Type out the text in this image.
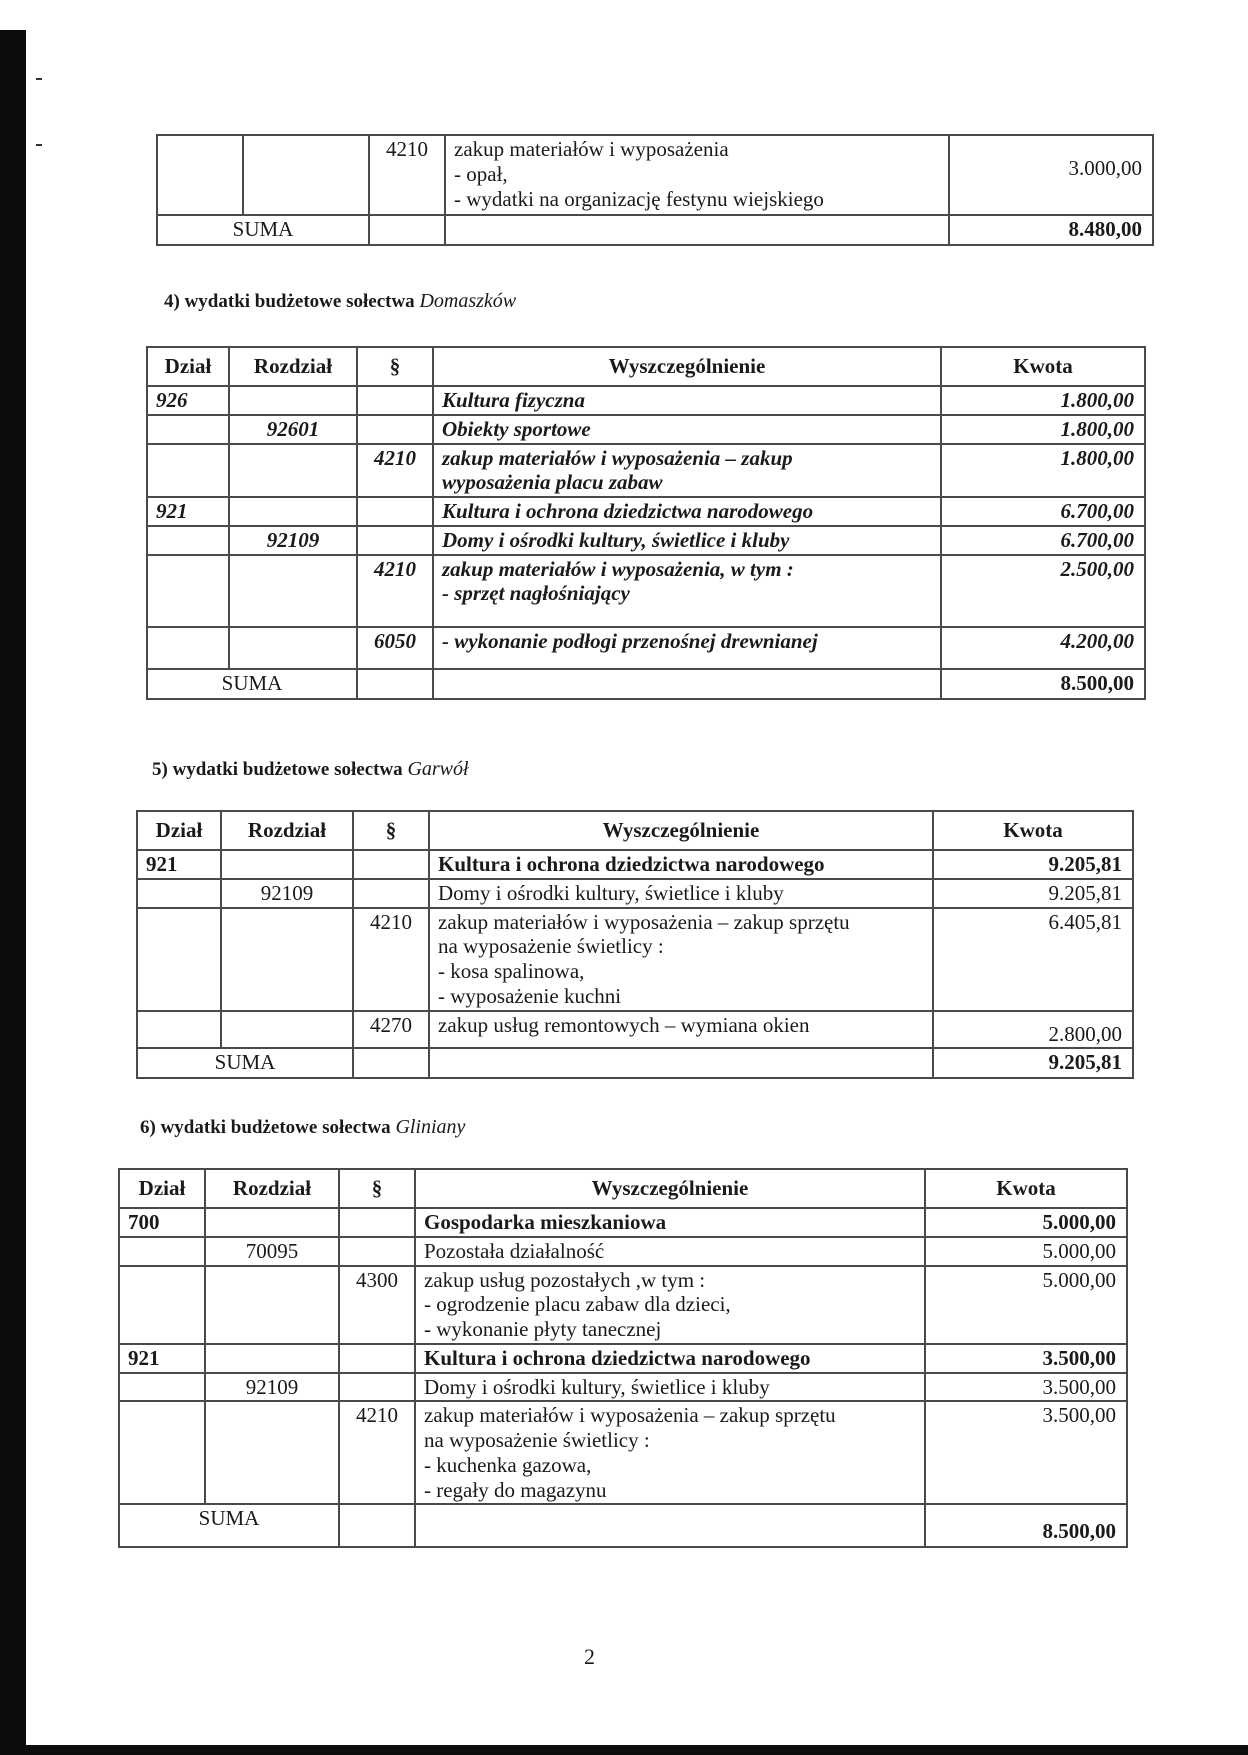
		4210	zakup materiałów i wyposażenia
- opał,
- wydatki na organizację festynu wiejskiego	3.000,00
SUMA				8.480,00
4) wydatki budżetowe sołectwa Domaszków
Dział	Rozdział	§	Wyszczególnienie	Kwota
926			Kultura fizyczna	1.800,00
	92601		Obiekty sportowe	1.800,00
		4210	zakup materiałów i wyposażenia – zakup
wyposażenia placu zabaw	1.800,00
921			Kultura i ochrona dziedzictwa narodowego	6.700,00
	92109		Domy i ośrodki kultury, świetlice i kluby	6.700,00
		4210	zakup materiałów i wyposażenia, w tym :
- sprzęt nagłośniający	2.500,00
		6050	- wykonanie podłogi przenośnej drewnianej	4.200,00
SUMA				8.500,00
5) wydatki budżetowe sołectwa Garwół
Dział	Rozdział	§	Wyszczególnienie	Kwota
921			Kultura i ochrona dziedzictwa narodowego	9.205,81
	92109		Domy i ośrodki kultury, świetlice i kluby	9.205,81
		4210	zakup materiałów i wyposażenia – zakup sprzętu
na wyposażenie świetlicy :
- kosa spalinowa,
- wyposażenie kuchni	6.405,81
		4270	zakup usług remontowych – wymiana okien	2.800,00
SUMA				9.205,81
6) wydatki budżetowe sołectwa Gliniany
Dział	Rozdział	§	Wyszczególnienie	Kwota
700			Gospodarka mieszkaniowa	5.000,00
	70095		Pozostała działalność	5.000,00
		4300	zakup usług pozostałych ,w tym :
- ogrodzenie placu zabaw dla dzieci,
- wykonanie płyty tanecznej	5.000,00
921			Kultura i ochrona dziedzictwa narodowego	3.500,00
	92109		Domy i ośrodki kultury, świetlice i kluby	3.500,00
		4210	zakup materiałów i wyposażenia – zakup sprzętu
na wyposażenie świetlicy :
- kuchenka gazowa,
- regały do magazynu	3.500,00
SUMA				8.500,00
2
